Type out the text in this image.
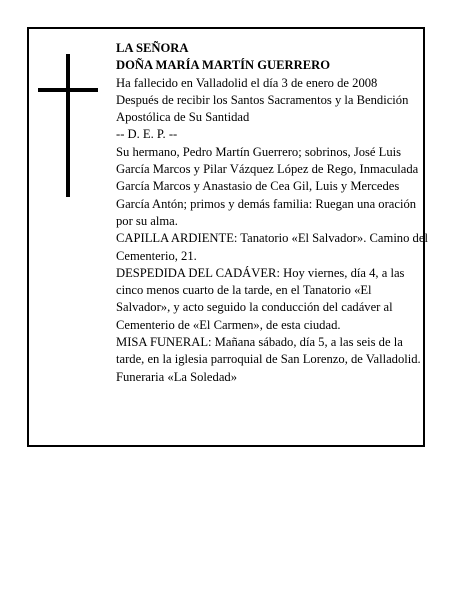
LA SEÑORA

DOÑA MARÍA MARTÍN GUERRERO

Ha fallecido en Valladolid el día 3 de enero de 2008

Después de recibir los Santos Sacramentos y la Bendición Apostólica de Su Santidad

-- D. E. P. --

Su hermano, Pedro Martín Guerrero; sobrinos, José Luis García Marcos y Pilar Vázquez López de Rego, Inmaculada García Marcos y Anastasio de Cea Gil, Luis y Mercedes García Antón; primos y demás familia: Ruegan una oración por su alma.

CAPILLA ARDIENTE: Tanatorio «El Salvador». Camino del Cementerio, 21.

DESPEDIDA DEL CADÁVER: Hoy viernes, día 4, a las cinco menos cuarto de la tarde, en el Tanatorio «El Salvador», y acto seguido la conducción del cadáver al Cementerio de «El Carmen», de esta ciudad.

MISA FUNERAL: Mañana sábado, día 5, a las seis de la tarde, en la iglesia parroquial de San Lorenzo, de Valladolid.

Funeraria «La Soledad»
